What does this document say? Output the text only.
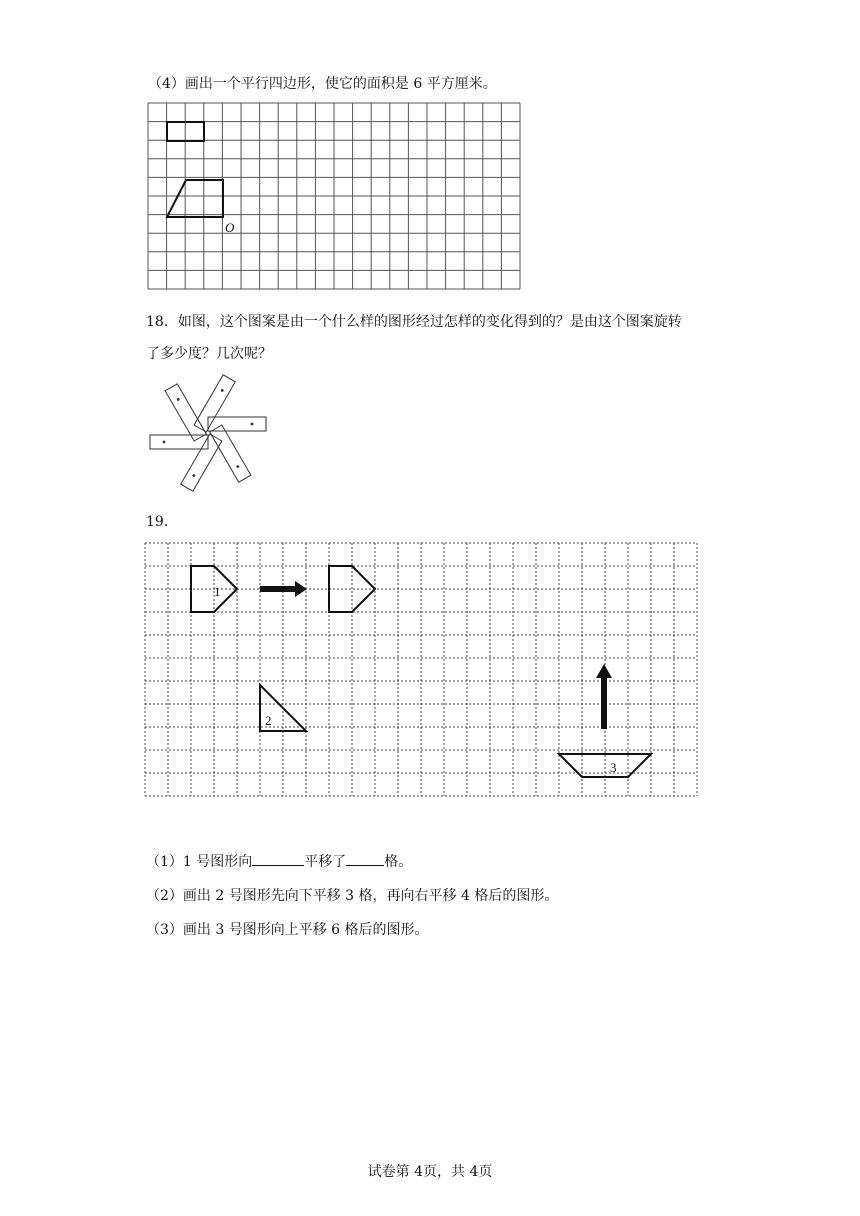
（4）画出一个平行四边形，使它的面积是 6 平方厘米。
O
18．如图，这个图案是由一个什么样的图形经过怎样的变化得到的？是由这个图案旋转
了多少度？几次呢？
19．
1
2
3
（1）1 号图形向	平移了	格。
（2）画出 2 号图形先向下平移 3 格，再向右平移 4 格后的图形。
（3）画出 3 号图形向上平移 6 格后的图形。
试卷第 4页，共 4页
